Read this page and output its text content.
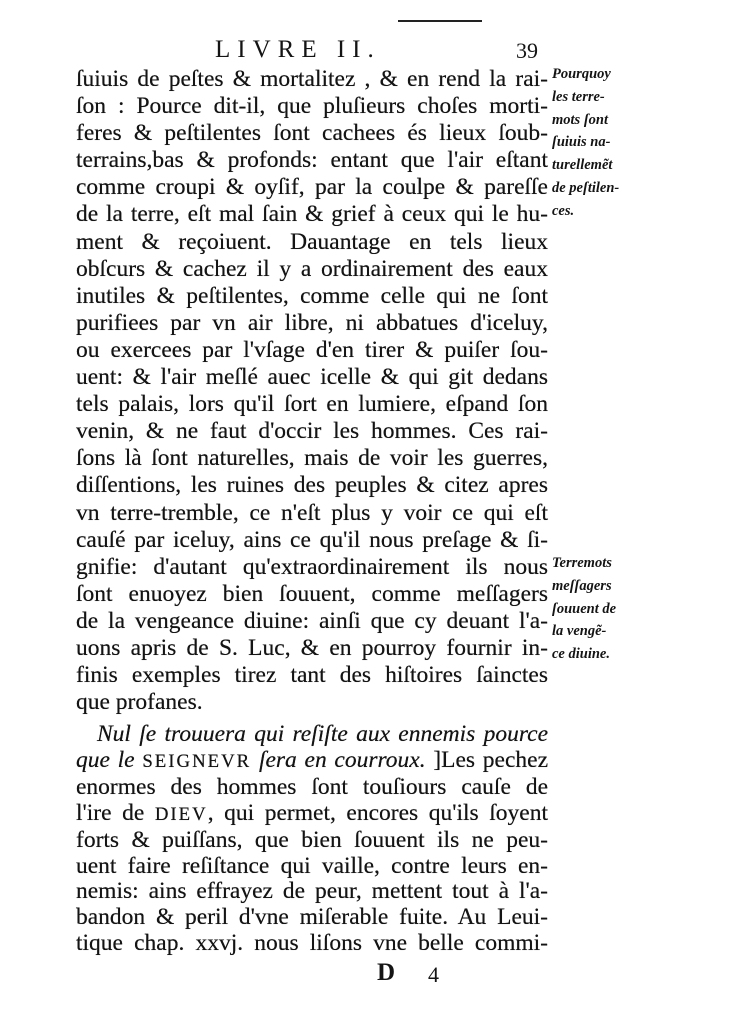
LIVRE II.	39
ſuiuis de peſtes & mortalitez , & en rend la rai-
ſon : Pource dit-il, que pluſieurs choſes morti-
feres & peſtilentes ſont cachees és lieux ſoub-
terrains,bas & profonds: entant que l'air eſtant
comme croupi & oyſif, par la coulpe & pareſſe
de la terre, eſt mal ſain & grief à ceux qui le hu-
ment & reçoiuent. Dauantage en tels lieux
obſcurs & cachez il y a ordinairement des eaux
inutiles & peſtilentes, comme celle qui ne ſont
purifiees par vn air libre, ni abbatues d'iceluy,
ou exercees par l'vſage d'en tirer & puiſer ſou-
uent: & l'air meſlé auec icelle & qui git dedans
tels palais, lors qu'il ſort en lumiere, eſpand ſon
venin, & ne faut d'occir les hommes. Ces rai-
ſons là ſont naturelles, mais de voir les guerres,
diſſentions, les ruines des peuples & citez apres
vn terre-tremble, ce n'eſt plus y voir ce qui eſt
cauſé par iceluy, ains ce qu'il nous preſage & ſi-
gnifie: d'autant qu'extraordinairement ils nous
ſont enuoyez bien ſouuent, comme meſſagers
de la vengeance diuine: ainſi que cy deuant l'a-
uons apris de S. Luc, & en pourroy fournir in-
finis exemples tirez tant des hiſtoires ſainctes
que profanes.
Nul ſe trouuera qui reſiſte aux ennemis pource
que le SEIGNEVR ſera en courroux. ]Les pechez
enormes des hommes ſont touſiours cauſe de
l'ire de DIEV, qui permet, encores qu'ils ſoyent
forts & puiſſans, que bien ſouuent ils ne peu-
uent faire reſiſtance qui vaille, contre leurs en-
nemis: ains effrayez de peur, mettent tout à l'a-
bandon & peril d'vne miſerable fuite. Au Leui-
tique chap. xxvj. nous liſons vne belle commi-
Pourquoy
les terre-
mots ſont
ſuiuis na-
turellemẽt
de peſtilen-
ces.
Terremots
meſſagers
ſouuent de
la vengẽ-
ce diuine.
D 4
